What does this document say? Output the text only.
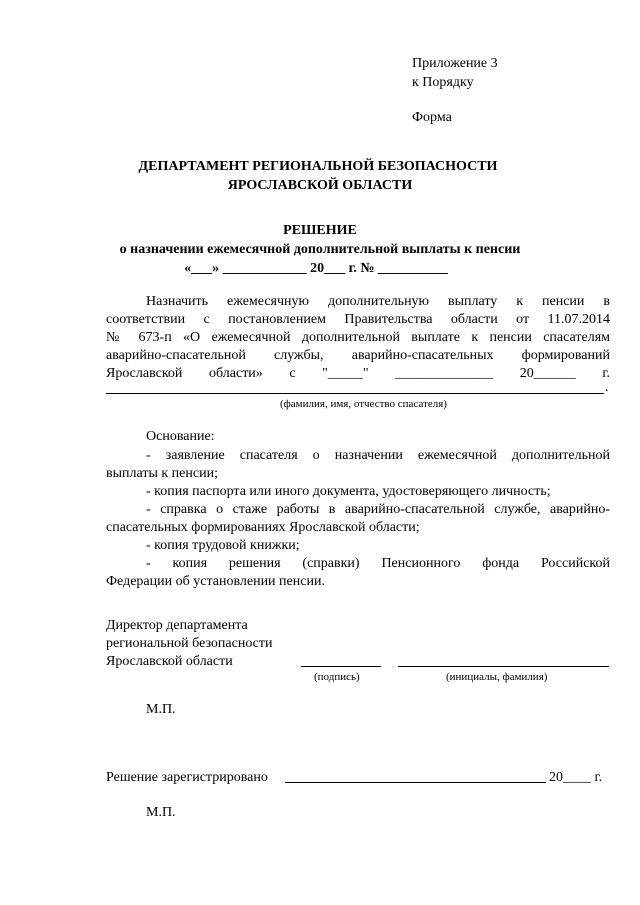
Приложение 3
к Порядку
Форма
ДЕПАРТАМЕНТ РЕГИОНАЛЬНОЙ БЕЗОПАСНОСТИ
ЯРОСЛАВСКОЙ ОБЛАСТИ
РЕШЕНИЕ
о назначении ежемесячной дополнительной выплаты к пенсии
«___» ____________ 20___ г. № __________
Назначить ежемесячную дополнительную выплату к пенсии в
соответствии с постановлением Правительства области от 11.07.2014
№ 673-п «О ежемесячной дополнительной выплате к пенсии спасателям
аварийно-спасательной службы, аварийно-спасательных формирований
Ярославской области» с "_____" ______________ 20______ г.
.
(фамилия, имя, отчество спасателя)
Основание:
- заявление спасателя о назначении ежемесячной дополнительной
выплаты к пенсии;
- копия паспорта или иного документа, удостоверяющего личность;
- справка о стаже работы в аварийно-спасательной службе, аварийно-
спасательных формированиях Ярославской области;
- копия трудовой книжки;
- копия решения (справки) Пенсионного фонда Российской
Федерации об установлении пенсии.
Директор департамента
региональной безопасности
Ярославской области
(подпись)	(инициалы, фамилия)
М.П.
Решение зарегистрировано	20____ г.
М.П.
